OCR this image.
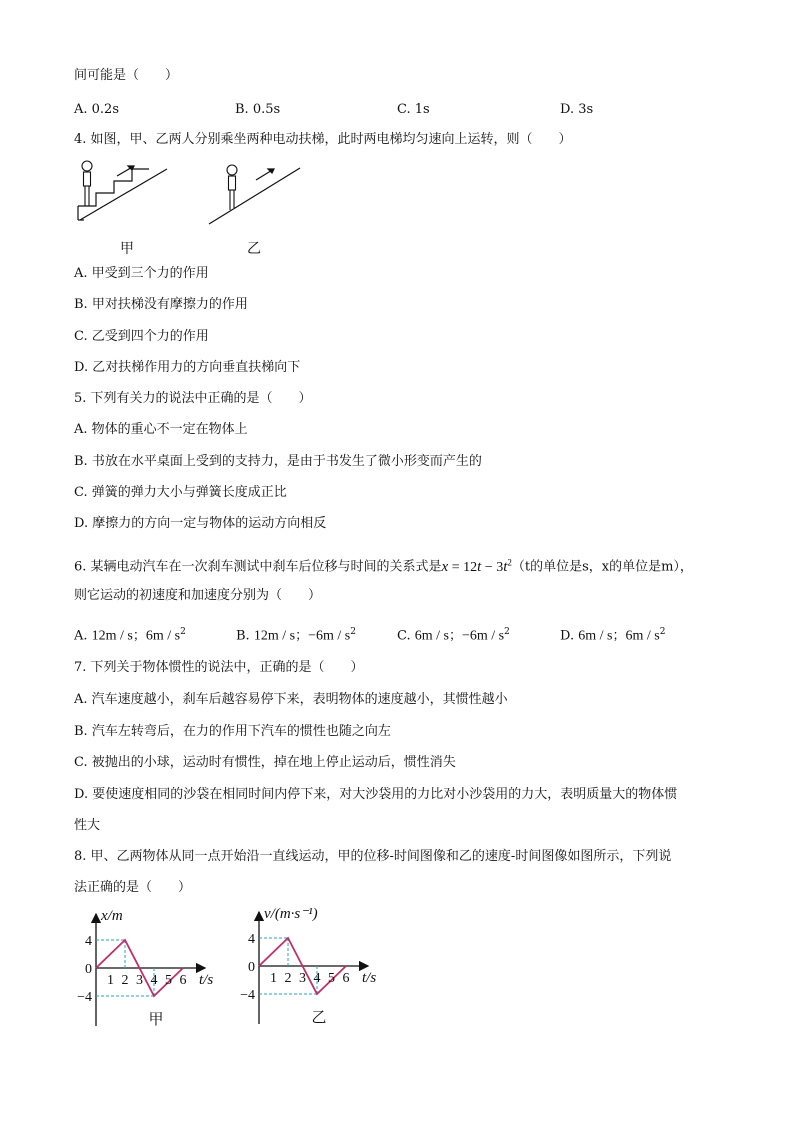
间可能是（　　）
A. 0.2s	B. 0.5s	C. 1s	D. 3s
4. 如图，甲、乙两人分别乘坐两种电动扶梯，此时两电梯均匀速向上运转，则（　　）
甲	乙
A. 甲受到三个力的作用
B. 甲对扶梯没有摩擦力的作用
C. 乙受到四个力的作用
D. 乙对扶梯作用力的方向垂直扶梯向下
5. 下列有关力的说法中正确的是（　　）
A. 物体的重心不一定在物体上
B. 书放在水平桌面上受到的支持力，是由于书发生了微小形变而产生的
C. 弹簧的弹力大小与弹簧长度成正比
D. 摩擦力的方向一定与物体的运动方向相反
6. 某辆电动汽车在一次刹车测试中刹车后位移与时间的关系式是$x = 12t - 3t^2(t$的单位是s，x的单位是m），
则它运动的初速度和加速度分别为（　　）
A. 12m / s；$6m / s^2$	B. 12m / s；$-6m / s^2$	C. 6m / s；$-6m / s^2$	D. 6m / s；$6m / s^2$
7. 下列关于物体惯性的说法中，正确的是（　　）
A. 汽车速度越小，刹车后越容易停下来，表明物体的速度越小，其惯性越小
B. 汽车左转弯后，在力的作用下汽车的惯性也随之向左
C. 被抛出的小球，运动时有惯性，掉在地上停止运动后，惯性消失
D. 要使速度相同的沙袋在相同时间内停下来，对大沙袋用的力比对小沙袋用的力大，表明质量大的物体惯
性大
8. 甲、乙两物体从同一点开始沿一直线运动，甲的位移-时间图像和乙的速度-时间图像如图所示，下列说
法正确的是（　　）
1 2 3 4 5 6
4
0
−4
x/m
t/s
甲
1 2 3 4 5 6
4
0
−4
v/(m·s⁻¹)
t/s
乙
